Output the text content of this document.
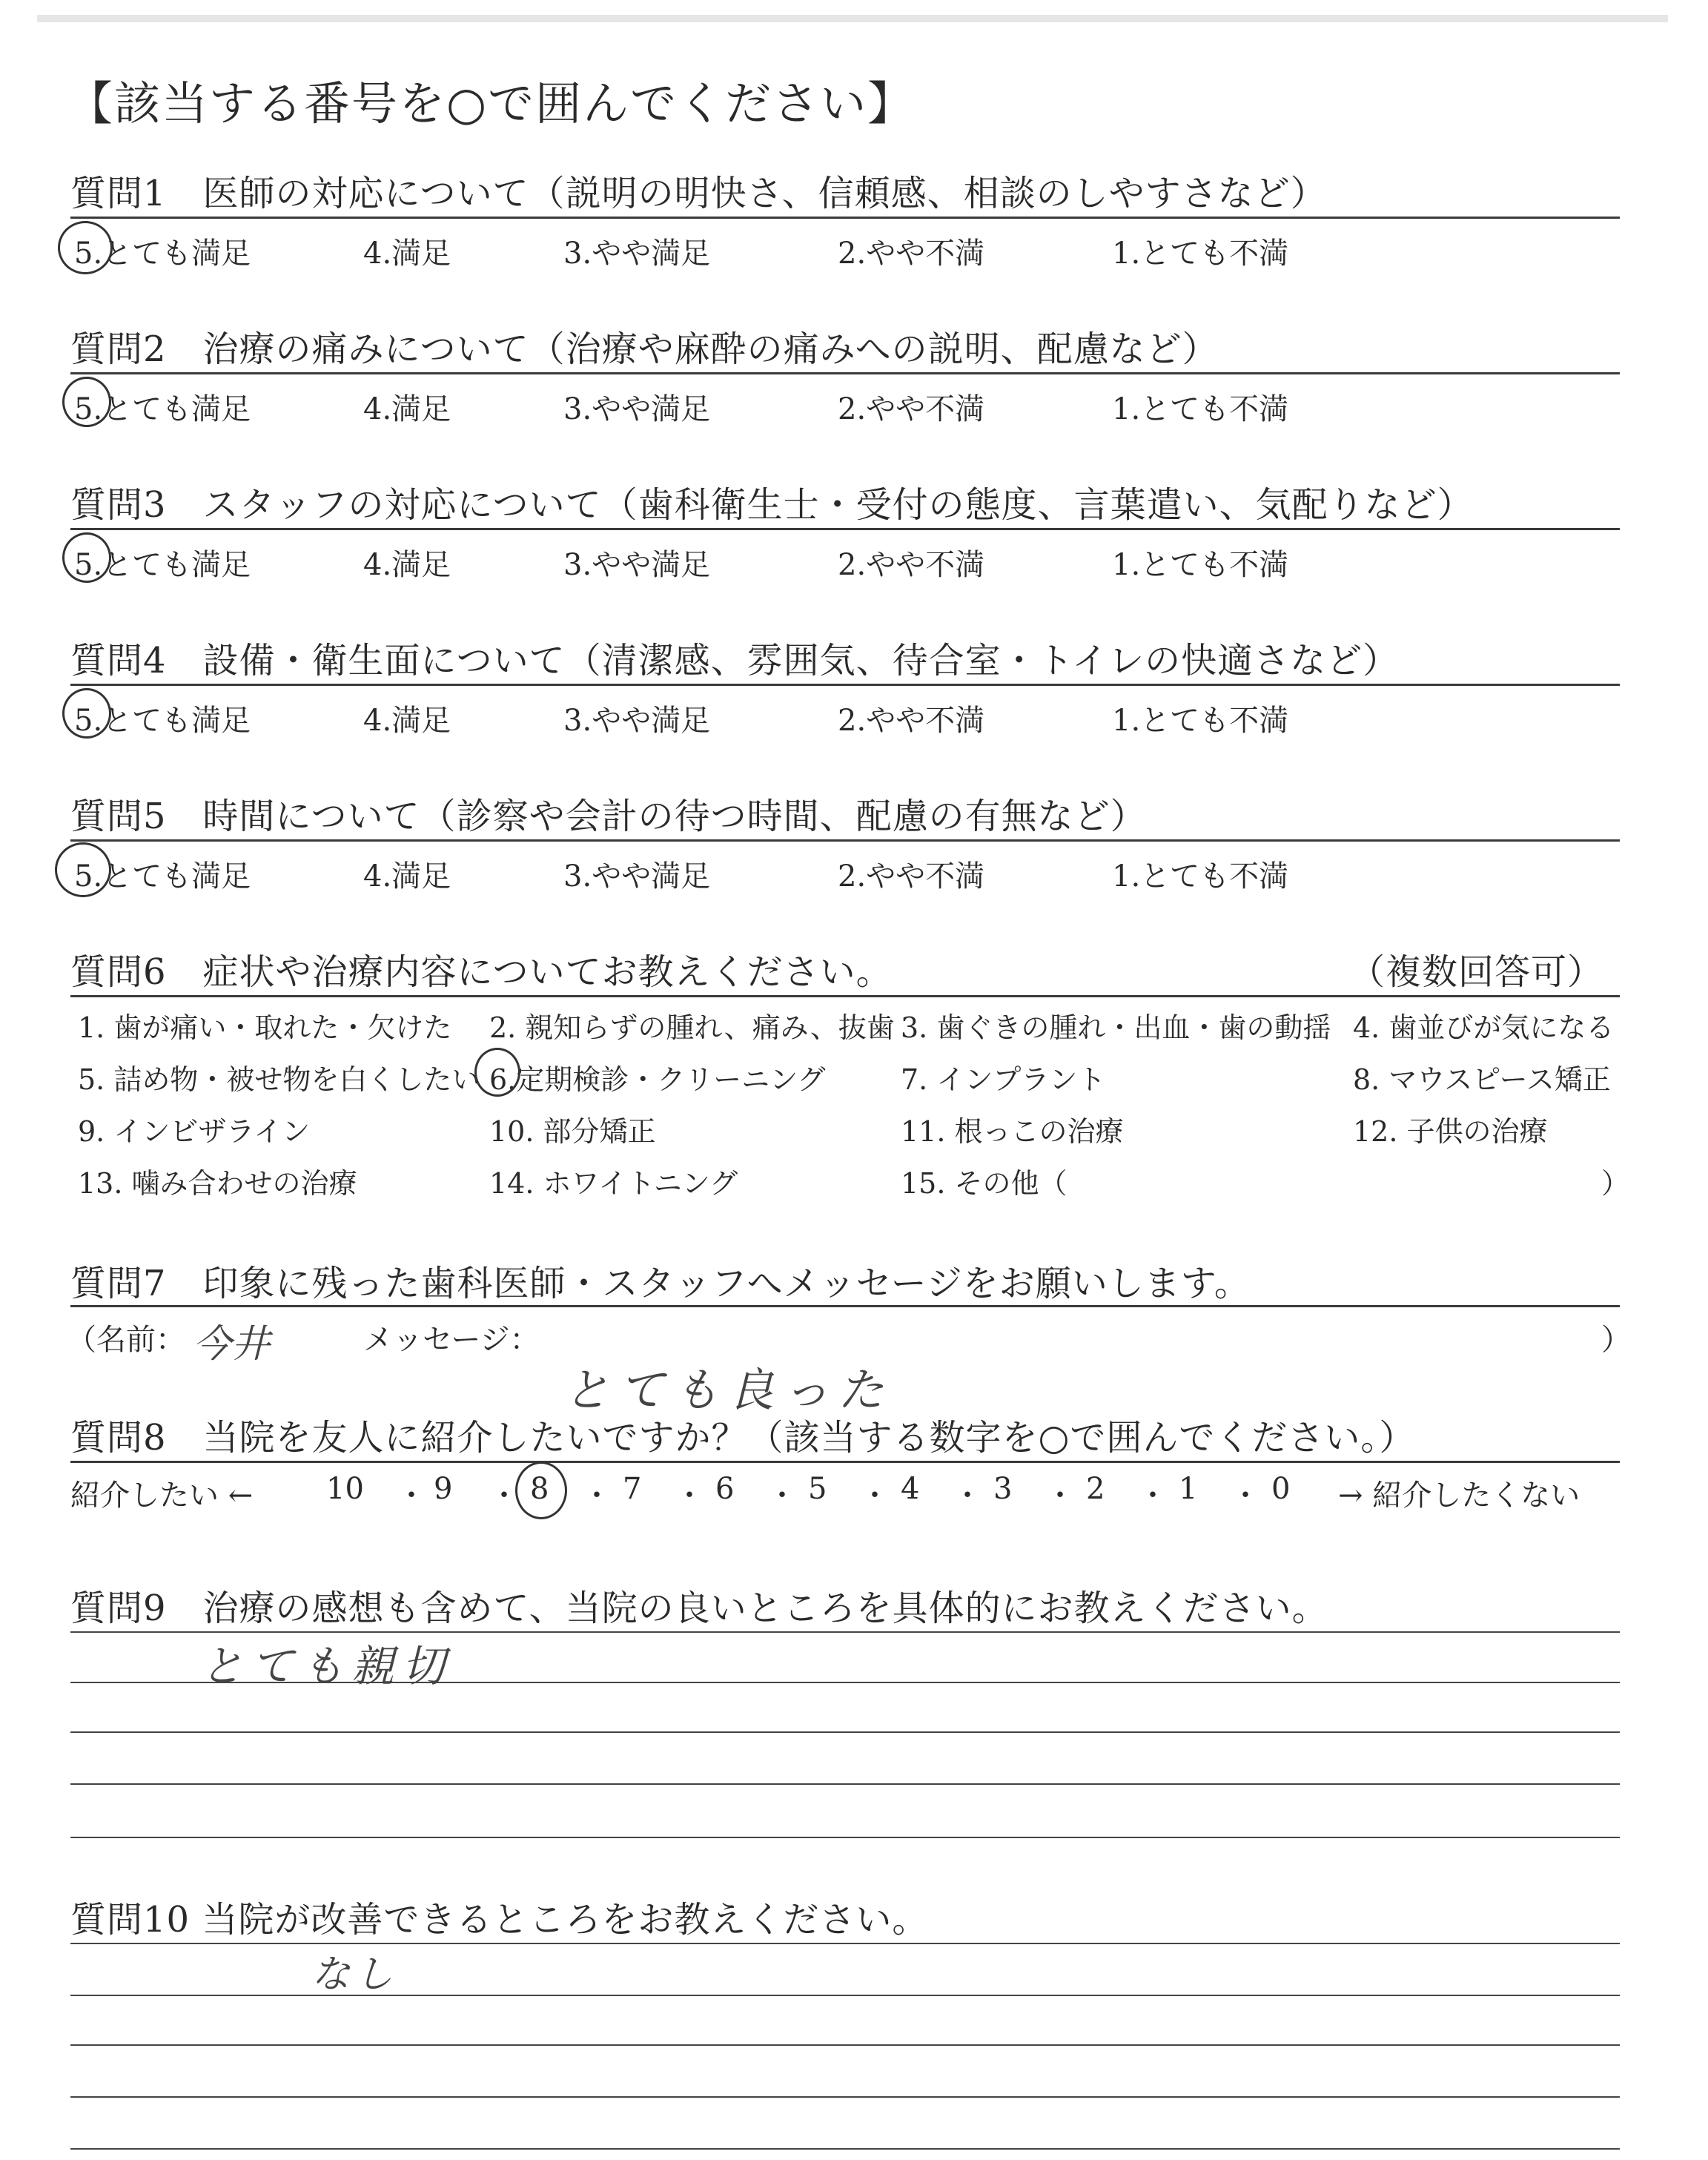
【該当する番号を○で囲んでください】
質問1　医師の対応について（説明の明快さ、信頼感、相談のしやすさなど）
5.とても満足	4.満足	3.やや満足	2.やや不満	1.とても不満
質問2　治療の痛みについて（治療や麻酔の痛みへの説明、配慮など）
5.とても満足	4.満足	3.やや満足	2.やや不満	1.とても不満
質問3　スタッフの対応について（歯科衛生士・受付の態度、言葉遣い、気配りなど）
5.とても満足	4.満足	3.やや満足	2.やや不満	1.とても不満
質問4　設備・衛生面について（清潔感、雰囲気、待合室・トイレの快適さなど）
5.とても満足	4.満足	3.やや満足	2.やや不満	1.とても不満
質問5　時間について（診察や会計の待つ時間、配慮の有無など）
5.とても満足	4.満足	3.やや満足	2.やや不満	1.とても不満
質問6　症状や治療内容についてお教えください。	（複数回答可）
1. 歯が痛い・取れた・欠けた 2. 親知らずの腫れ、痛み、抜歯 3. 歯ぐきの腫れ・出血・歯の動揺 4. 歯並びが気になる
5. 詰め物・被せ物を白くしたい 6.定期検診・クリーニング	7. インプラント	8. マウスピース矯正
9. インビザライン	10. 部分矯正	11. 根っこの治療	12. 子供の治療
13. 噛み合わせの治療	14. ホワイトニング	15. その他（	）
質問7　印象に残った歯科医師・スタッフへメッセージをお願いします。
（名前： 今井	メッセージ：
とても良った
）
質問8　当院を友人に紹介したいですか？（該当する数字を○で囲んでください。）
紹介したい ← 10 ・ 9 ・ 8 ・ 7 ・ 6 ・ 5 ・ 4 ・ 3 ・ 2 ・ 1 ・ 0 → 紹介したくない
質問9　治療の感想も含めて、当院の良いところを具体的にお教えください。
とても親切
質問10 当院が改善できるところをお教えください。
なし
